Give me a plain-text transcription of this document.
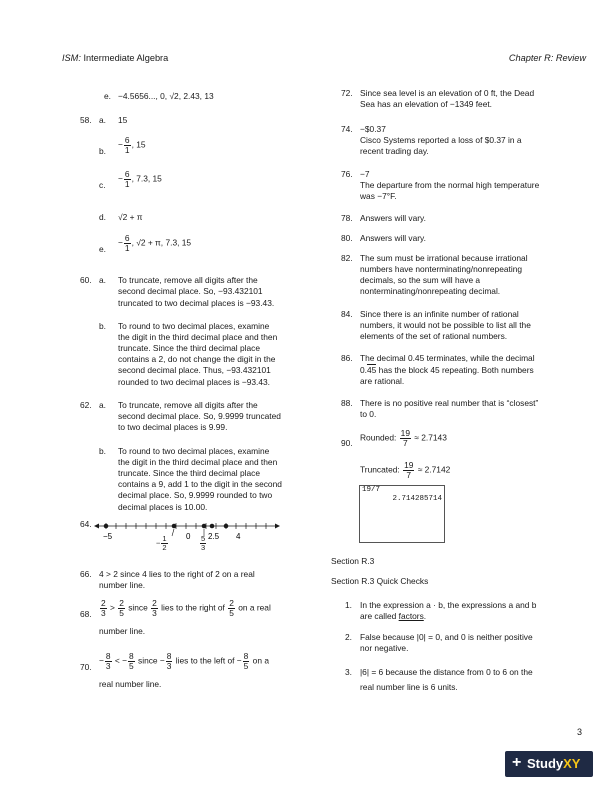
ISM: Intermediate Algebra	Chapter R: Review
e. −4.5656..., 0, √2, 2.43, 13
58. a. 15
b.
− $\frac{6}{1}$ , 15
c.
− $\frac{6}{1}$ , 7.3, 15
d. √2 + π
e.
− $\frac{6}{1}$ , √2 + π, 7.3, 15
60. a. To truncate, remove all digits after the
second decimal place. So, −93.432101
truncated to two decimal places is −93.43.
b. To round to two decimal places, examine
the digit in the third decimal place and then
truncate. Since the third decimal place
contains a 2, do not change the digit in the
second decimal place. Thus, −93.432101
rounded to two decimal places is −93.43.
62. a. To truncate, remove all digits after the
second decimal place. So, 9.9999 truncated
to two decimal places is 9.99.
b. To round to two decimal places, examine
the digit in the third decimal place and then
truncate. Since the third decimal place
contains a 9, add 1 to the digit in the second
decimal place. So, 9.9999 rounded to two
decimal places is 10.00.
64.
−5	0 2.5 4
− $\frac{1}{2}$	$\frac{5}{3}$
66. 4 > 2 since 4 lies to the right of 2 on a real
number line.
68. $\frac{2}{3} > \frac{2}{5}$ since $\frac{2}{3}$ lies to the right of $\frac{2}{5}$ on a real
number line.
70.
− $\frac{8}{3}$ < − $\frac{8}{5}$ since − $\frac{8}{3}$ lies to the left of − $\frac{8}{5}$ on a
real number line.
72. Since sea level is an elevation of 0 ft, the Dead
Sea has an elevation of −1349 feet.
74. −$0.37
Cisco Systems reported a loss of $0.37 in a
recent trading day.
76. −7
The departure from the normal high temperature
was −7°F.
78. Answers will vary.
80. Answers will vary.
82. The sum must be irrational because irrational
numbers have nonterminating/nonrepeating
decimals, so the sum will have a
nonterminating/nonrepeating decimal.
84. Since there is an infinite number of rational
numbers, it would not be possible to list all the
elements of the set of rational numbers.
86. The decimal 0.45 terminates, while the decimal
0.45 has the block 45 repeating. Both numbers
are rational.
88. There is no positive real number that is “closest”
to 0.
90.
Rounded: $\frac{19}{7} \approx 2.7143$
Truncated: $\frac{19}{7} \approx 2.7142$
19/7
2.714285714
Section R.3
Section R.3 Quick Checks
1. In the expression a · b, the expressions a and b
are called factors.
2. False because |0| = 0, and 0 is neither positive
nor negative.
3. |6| = 6 because the distance from 0 to 6 on the
real number line is 6 units.
3
+ StudyXY
